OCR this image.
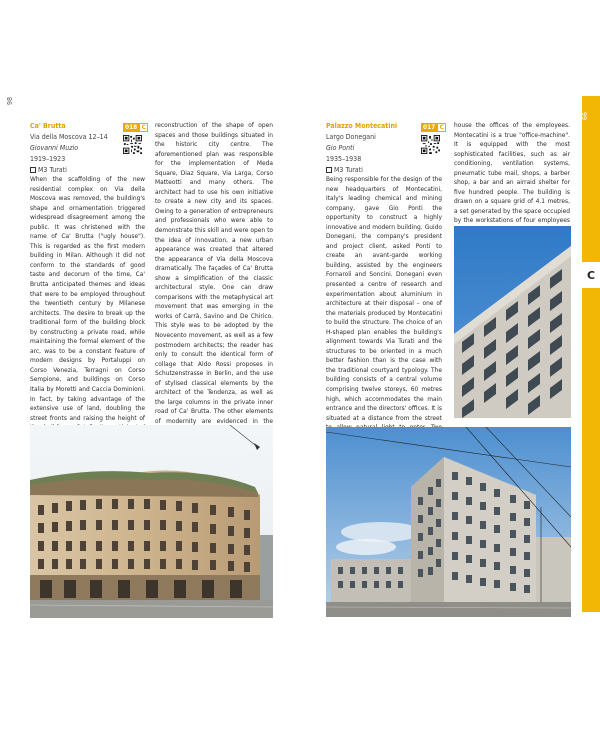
98
99
C
Ca' Brutta
Via della Moscova 12–14
Giovanni Muzio
1919–1923
M3 Turati
018 C

When the scaffolding of the new residential complex on Via della Moscova was removed, the building's shape and ornamentation triggered widespread disagreement among the public. It was christened with the name of Ca' Brutta ("ugly house"). This is regarded as the first modern building in Milan. Although it did not conform to the standards of good taste and decorum of the time, Ca' Brutta anticipated themes and ideas that were to be employed throughout the twentieth century by Milanese architects. The desire to break up the traditional form of the building block by constructing a private road, while maintaining the formal element of the arc, was to be a constant feature of modern designs by Portaluppi on Corso Venezia, Terragni on Corso Sempione, and buildings on Corso Italia by Moretti and Caccia Dominioni. In fact, by taking advantage of the extensive use of land, doubling the street fronts and raising the height of

reconstruction of the shape of open spaces and those buildings situated in the historic city centre. The aforementioned plan was responsible for the implementation of Meda Square, Diaz Square, Via Larga, Corso Matteotti and many others. The architect had to use his own initiative to create a new city and its spaces. Owing to a generation of entrepreneurs and professionals who were able to demonstrate this skill and were open to the idea of innovation, a new urban appearance was created that altered the appearance of Via della Moscova dramatically. The façades of Ca' Brutta show a simplification of the classic architectural style. One can draw comparisons with the metaphysical art movement that was emerging in the works of Carrà, Savino and De Chirico. This style was to be adopted by the Novecento movement, as well as a few postmodern architects; the reader has only to consult the identical form of collage that Aldo Rossi proposes in Schutzenstrasse in Berlin, and the use of stylised classical elements by the architect of the Tendenza, as well as the large columns in the private inner road of Ca' Brutta. The other elements of modernity are evidenced in the

Palazzo Montecatini
Largo Donegani
Gio Ponti
1935–1938
M3 Turati
017 C

Being responsible for the design of the new headquarters of Montecatini, Italy's leading chemical and mining company, gave Gio Ponti the opportunity to construct a highly innovative and modern building. Guido Donegani, the company's president and project client, asked Ponti to create an avant-garde working building, assisted by the engineers Fornaroli and Soncini. Donegani even presented a centre of research and experimentation about aluminium in architecture at their disposal – one of the materials produced by Montecatini to build the structure. The choice of an H-shaped plan enables the building's alignment towards Via Turati and the structures to be oriented in a much better fashion than is the case with the traditional courtyard typology. The building consists of a central volume comprising twelve storeys, 60 metres high, which accommodates the main entrance and the directors' offices. It is situated at a distance from the street

house the offices of the employees. Montecatini is a true "office-machine". It is equipped with the most sophisticated facilities, such as air conditioning, ventilation systems, pneumatic tube mail, shops, a barber shop, a bar and an airraid shelter for five hundred people. The building is drawn on a square grid of 4.1 metres, a set generated by the space occupied by the workstations of four employees
